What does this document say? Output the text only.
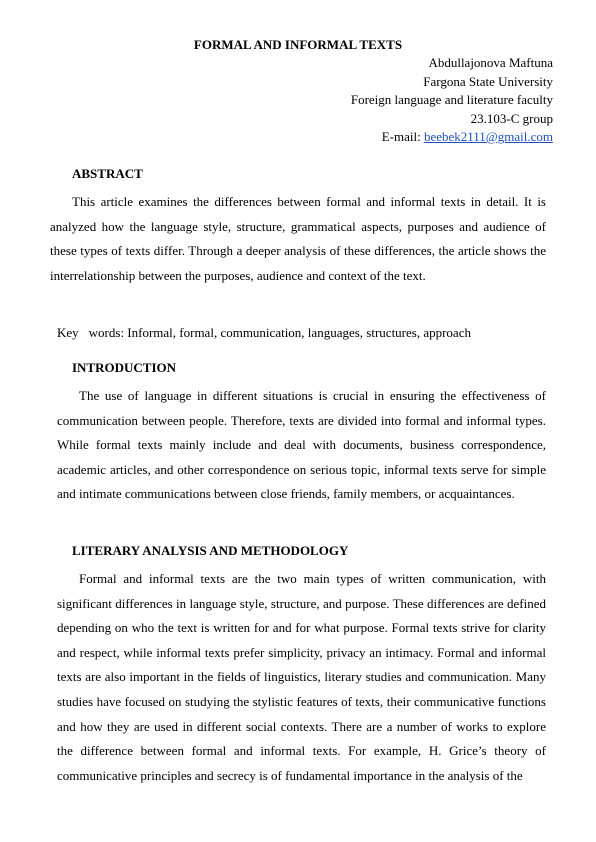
FORMAL AND INFORMAL TEXTS
Abdullajonova Maftuna
Fargona State University
Foreign language and literature faculty
23.103-C group
E-mail: beebek2111@gmail.com
ABSTRACT

This article examines the differences between formal and informal texts in detail. It is analyzed how the language style, structure, grammatical aspects, purposes and audience of these types of texts differ. Through a deeper analysis of these differences, the article shows the interrelationship between the purposes, audience and context of the text.

Key words: Informal, formal, communication, languages, structures, approach
INTRODUCTION

The use of language in different situations is crucial in ensuring the effectiveness of communication between people. Therefore, texts are divided into formal and informal types. While formal texts mainly include and deal with documents, business correspondence, academic articles, and other correspondence on serious topic, informal texts serve for simple and intimate communications between close friends, family members, or acquaintances.

LITERARY ANALYSIS AND METHODOLOGY

Formal and informal texts are the two main types of written communication, with significant differences in language style, structure, and purpose. These differences are defined depending on who the text is written for and for what purpose. Formal texts strive for clarity and respect, while informal texts prefer simplicity, privacy an intimacy. Formal and informal texts are also important in the fields of linguistics, literary studies and communication. Many studies have focused on studying the stylistic features of texts, their communicative functions and how they are used in different social contexts. There are a number of works to explore the difference between formal and informal texts. For example, H. Grice’s theory of communicative principles and secrecy is of fundamental importance in the analysis of the
